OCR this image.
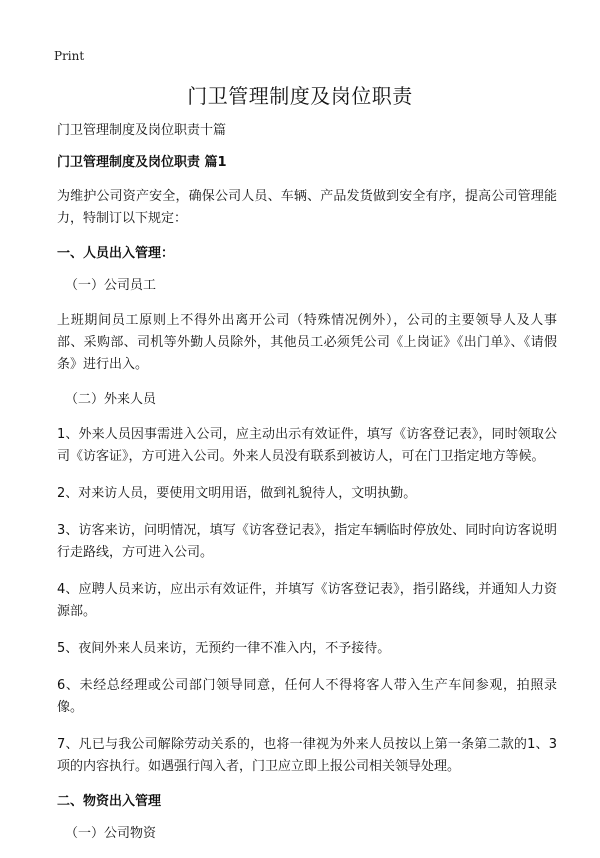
Print
门卫管理制度及岗位职责

门卫管理制度及岗位职责十篇

门卫管理制度及岗位职责 篇1

为维护公司资产安全，确保公司人员、车辆、产品发货做到安全有序，提高公司管理能力，特制订以下规定：

一、人员出入管理：

（一）公司员工

上班期间员工原则上不得外出离开公司（特殊情况例外），公司的主要领导人及人事部、采购部、司机等外勤人员除外，其他员工必须凭公司《上岗证》《出门单》、《请假条》进行出入。

（二）外来人员

1、外来人员因事需进入公司，应主动出示有效证件，填写《访客登记表》，同时领取公司《访客证》，方可进入公司。外来人员没有联系到被访人，可在门卫指定地方等候。

2、对来访人员，要使用文明用语，做到礼貌待人，文明执勤。

3、访客来访，问明情况，填写《访客登记表》，指定车辆临时停放处、同时向访客说明行走路线，方可进入公司。

4、应聘人员来访，应出示有效证件，并填写《访客登记表》，指引路线，并通知人力资源部。

5、夜间外来人员来访，无预约一律不准入内，不予接待。

6、未经总经理或公司部门领导同意，任何人不得将客人带入生产车间参观，拍照录像。

7、凡已与我公司解除劳动关系的，也将一律视为外来人员按以上第一条第二款的1、3项的内容执行。如遇强行闯入者，门卫应立即上报公司相关领导处理。

二、物资出入管理

（一）公司物资
